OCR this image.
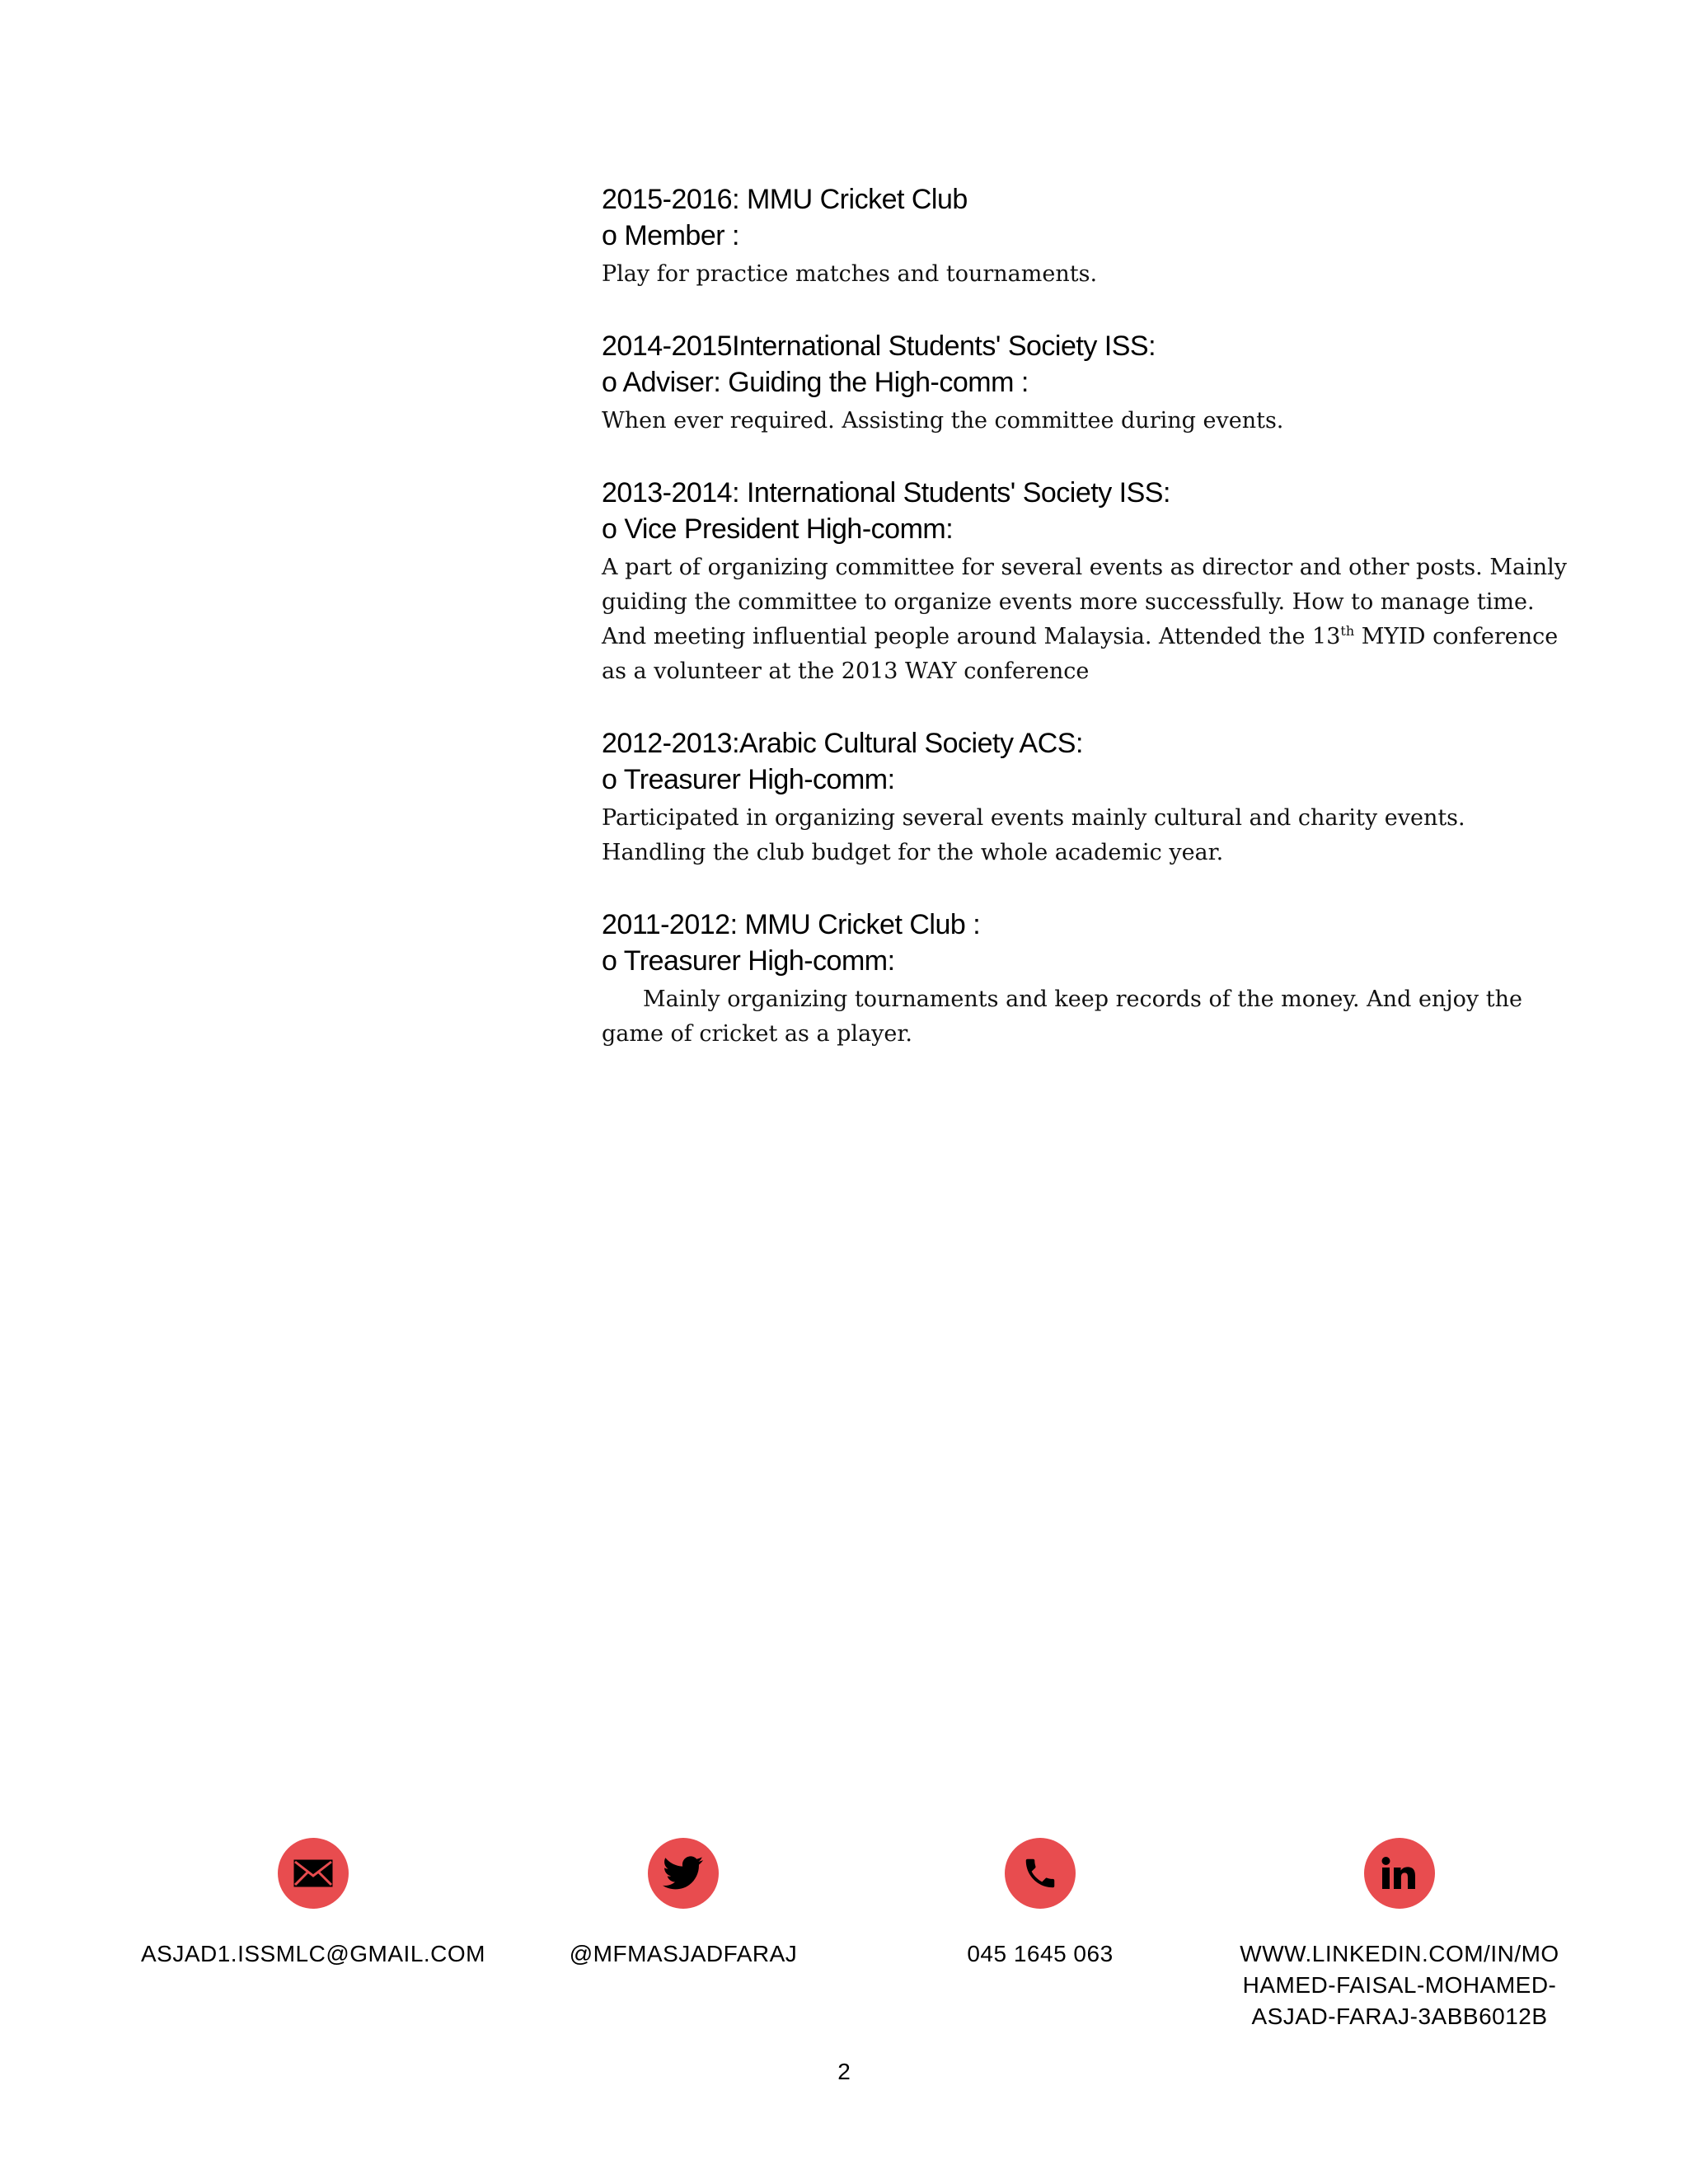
2015-2016: MMU Cricket Club

o Member :

Play for practice matches and tournaments.

2014-2015International Students' Society ISS:

o Adviser: Guiding the High-comm :

When ever required. Assisting the committee during events.

2013-2014: International Students' Society ISS:

o Vice President High-comm:

A part of organizing committee for several events as director and other posts. Mainly guiding the committee to organize events more successfully. How to manage time. And meeting influential people around Malaysia. Attended the 13th MYID conference as a volunteer at the 2013 WAY conference

2012-2013:Arabic Cultural Society ACS:

o Treasurer High-comm:

Participated in organizing several events mainly cultural and charity events. Handling the club budget for the whole academic year.

2011-2012: MMU Cricket Club :

o Treasurer High-comm:

Mainly organizing tournaments and keep records of the money. And enjoy the game of cricket as a player.

ASJAD1.ISSMLC@GMAIL.COM	@MFMASJADFARAJ	045 1645 063	WWW.LINKEDIN.COM/IN/MOHAMED-FAISAL-MOHAMED-ASJAD-FARAJ-3ABB6012B
2
